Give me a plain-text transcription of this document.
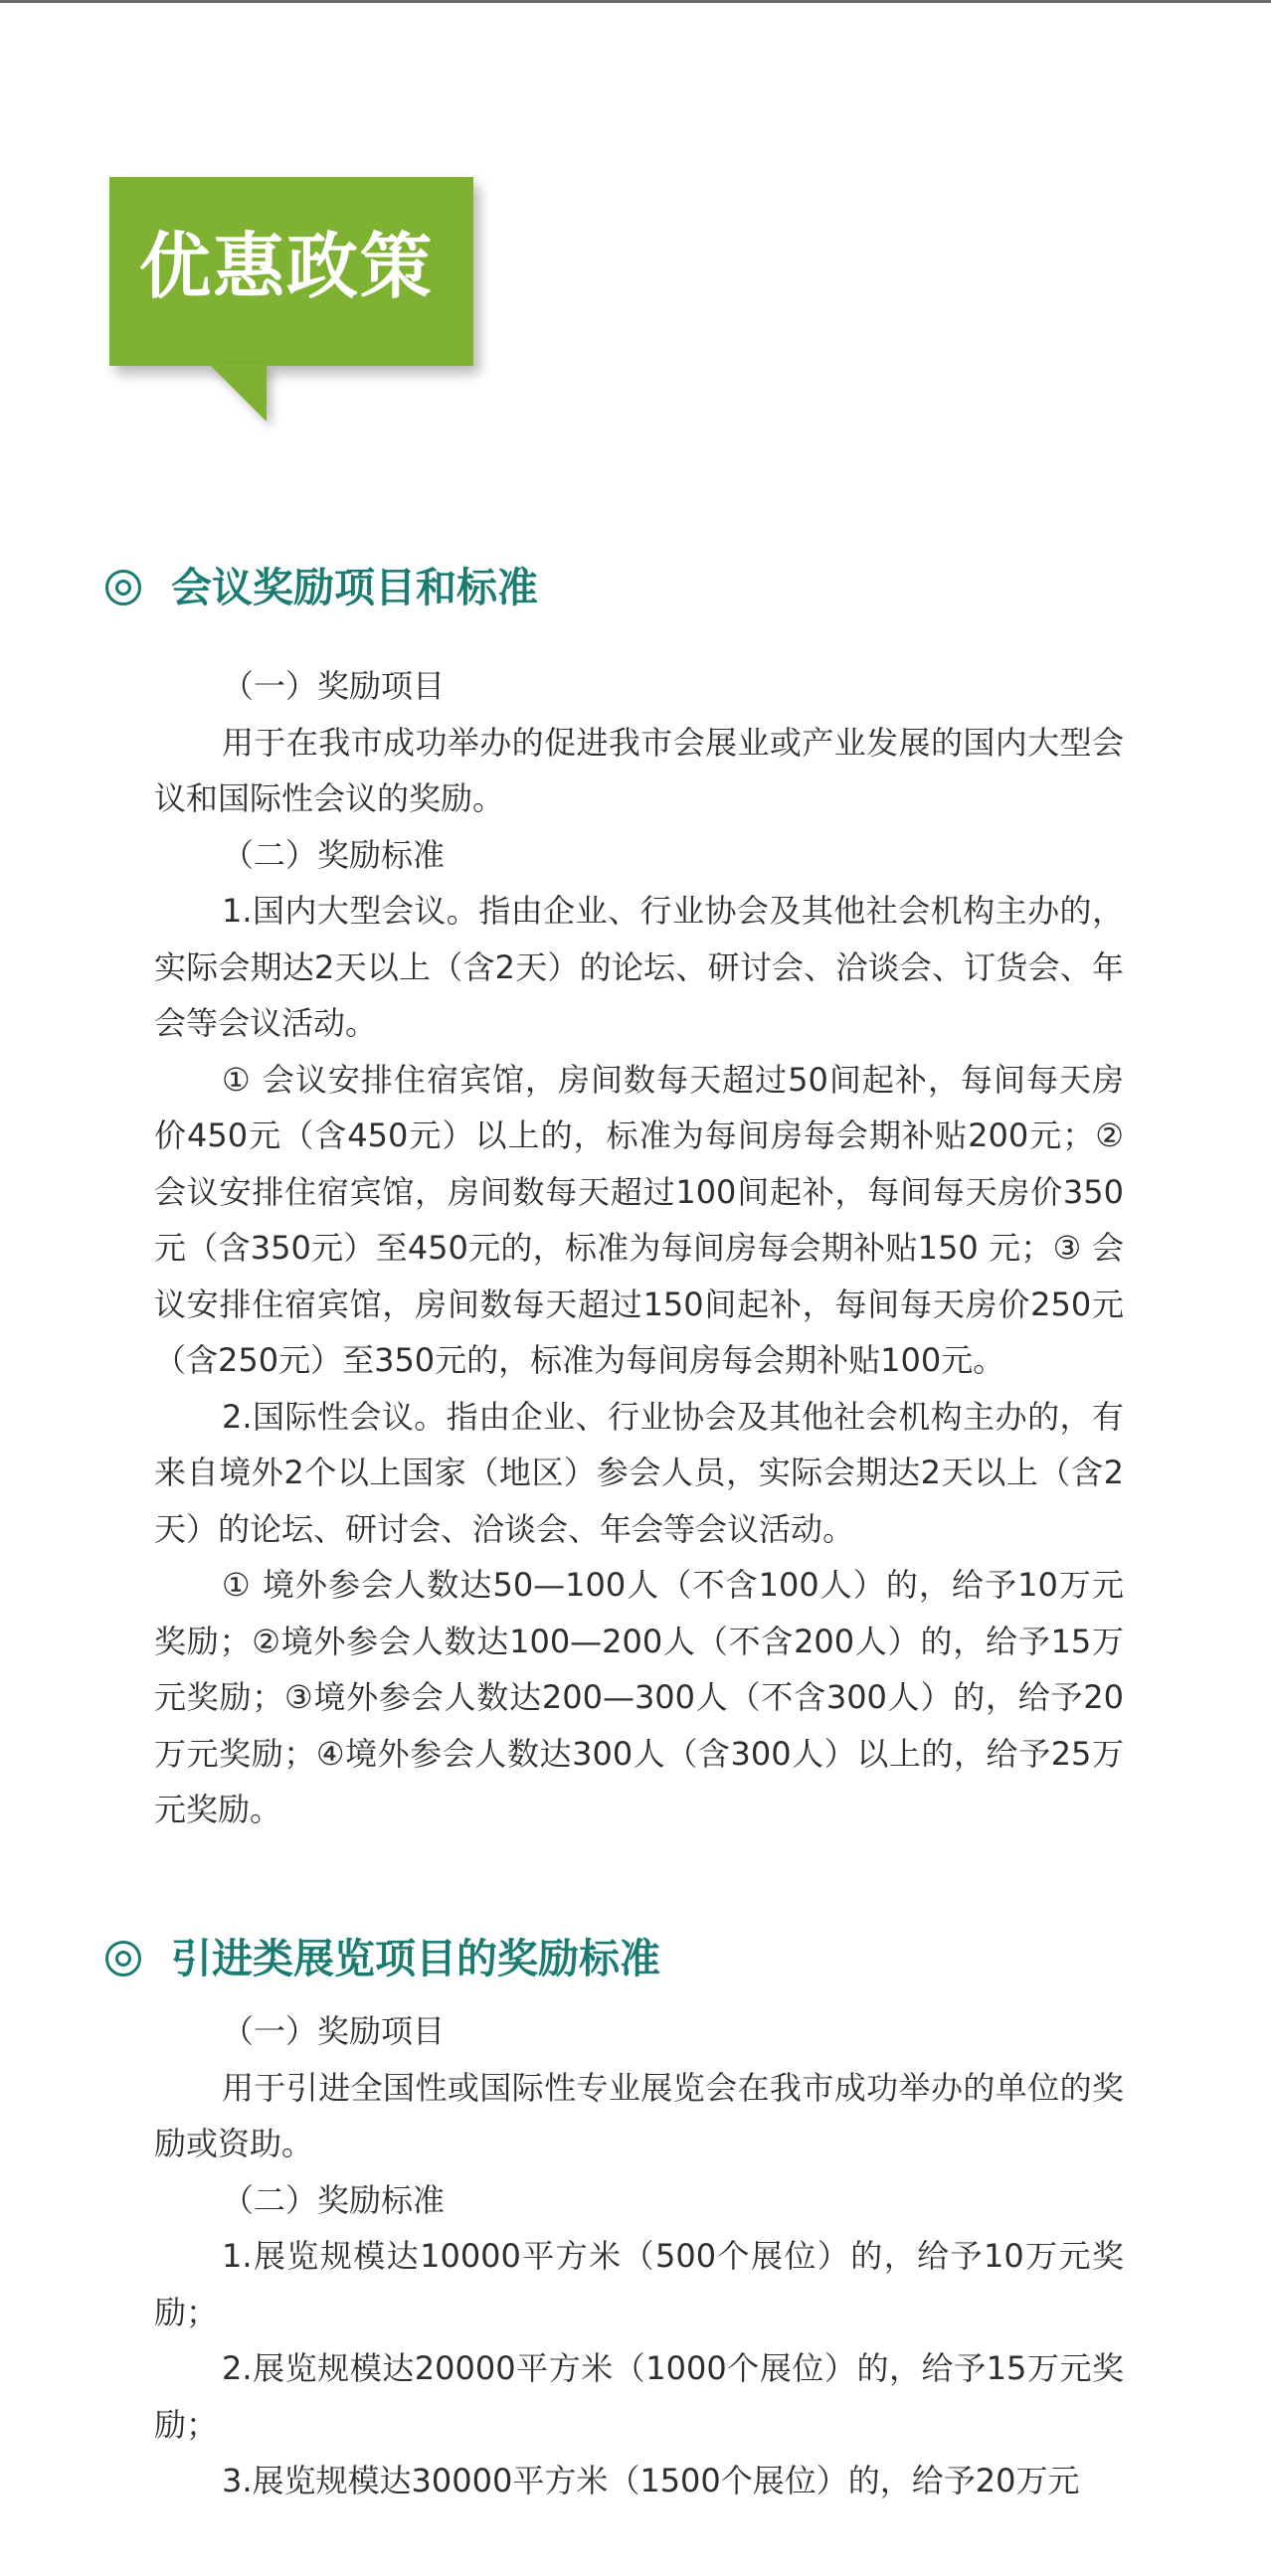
优惠政策
会议奖励项目和标准

（一）奖励项目

用于在我市成功举办的促进我市会展业或产业发展的国内大型会议和国际性会议的奖励。

（二）奖励标准

1.国内大型会议。指由企业、行业协会及其他社会机构主办的，实际会期达2天以上（含2天）的论坛、研讨会、洽谈会、订货会、年会等会议活动。

① 会议安排住宿宾馆，房间数每天超过50间起补，每间每天房价450元（含450元）以上的，标准为每间房每会期补贴200元；② 会议安排住宿宾馆，房间数每天超过100间起补，每间每天房价350元（含350元）至450元的，标准为每间房每会期补贴150 元；③ 会议安排住宿宾馆，房间数每天超过150间起补，每间每天房价250元（含250元）至350元的，标准为每间房每会期补贴100元。

2.国际性会议。指由企业、行业协会及其他社会机构主办的，有来自境外2个以上国家（地区）参会人员，实际会期达2天以上（含2天）的论坛、研讨会、洽谈会、年会等会议活动。

① 境外参会人数达50—100人（不含100人）的，给予10万元奖励；②境外参会人数达100—200人（不含200人）的，给予15万元奖励；③境外参会人数达200—300人（不含300人）的，给予20万元奖励；④境外参会人数达300人（含300人）以上的，给予25万元奖励。

引进类展览项目的奖励标准

（一）奖励项目

用于引进全国性或国际性专业展览会在我市成功举办的单位的奖励或资助。

（二）奖励标准

1.展览规模达10000平方米（500个展位）的，给予10万元奖励；

2.展览规模达20000平方米（1000个展位）的，给予15万元奖励；

3.展览规模达30000平方米（1500个展位）的，给予20万元
